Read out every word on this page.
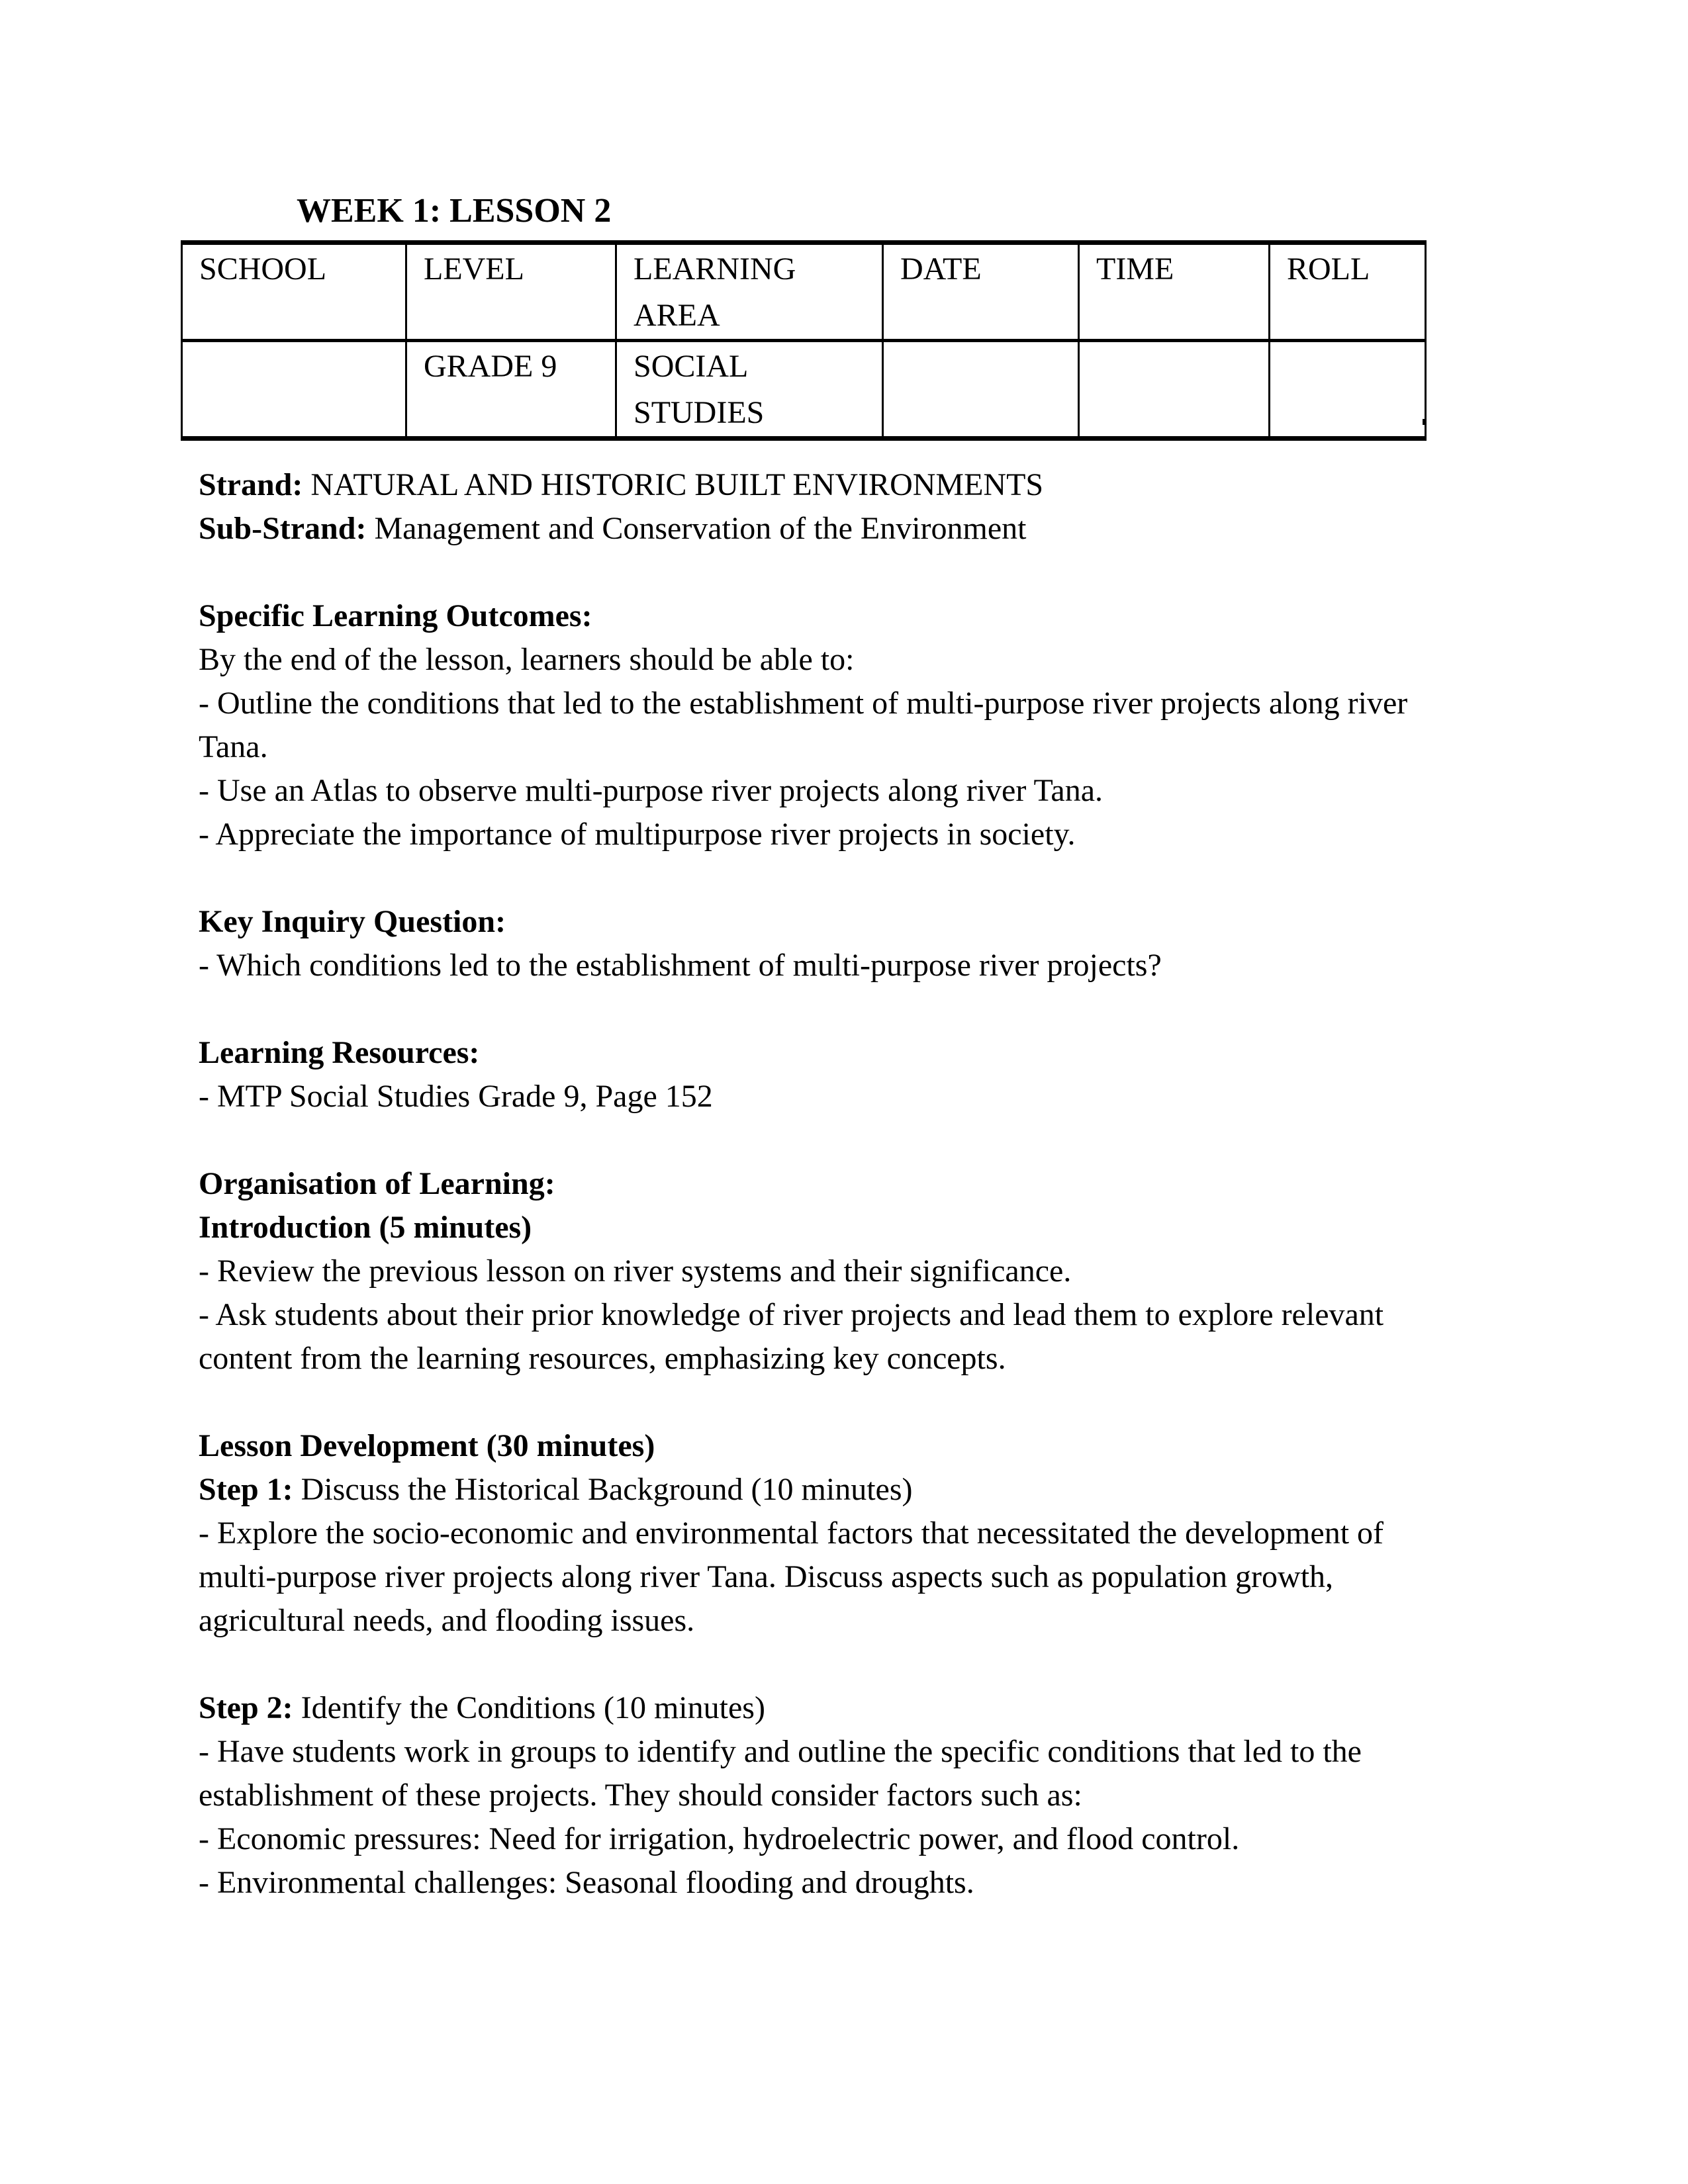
WEEK 1: LESSON 2
SCHOOL	LEVEL	LEARNING AREA	DATE	TIME	ROLL
	GRADE 9	SOCIAL STUDIES			
Strand: NATURAL AND HISTORIC BUILT ENVIRONMENTS
Sub-Strand: Management and Conservation of the Environment
Specific Learning Outcomes:
By the end of the lesson, learners should be able to:
- Outline the conditions that led to the establishment of multi-purpose river projects along river
Tana.
- Use an Atlas to observe multi-purpose river projects along river Tana.
- Appreciate the importance of multipurpose river projects in society.
Key Inquiry Question:
- Which conditions led to the establishment of multi-purpose river projects?
Learning Resources:
- MTP Social Studies Grade 9, Page 152
Organisation of Learning:
Introduction (5 minutes)
- Review the previous lesson on river systems and their significance.
- Ask students about their prior knowledge of river projects and lead them to explore relevant
content from the learning resources, emphasizing key concepts.
Lesson Development (30 minutes)
Step 1: Discuss the Historical Background (10 minutes)
- Explore the socio-economic and environmental factors that necessitated the development of
multi-purpose river projects along river Tana. Discuss aspects such as population growth,
agricultural needs, and flooding issues.
Step 2: Identify the Conditions (10 minutes)
- Have students work in groups to identify and outline the specific conditions that led to the
establishment of these projects. They should consider factors such as:
- Economic pressures: Need for irrigation, hydroelectric power, and flood control.
- Environmental challenges: Seasonal flooding and droughts.
